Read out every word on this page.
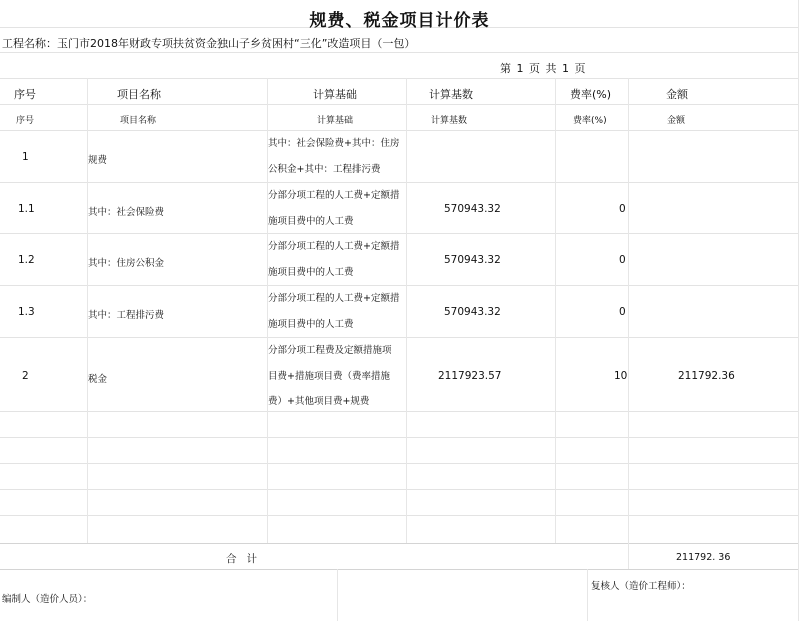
规费、税金项目计价表
工程名称：玉门市2018年财政专项扶贫资金独山子乡贫困村“三化”改造项目（一包）
第 1 页 共 1 页
序号	项目名称	计算基础	计算基数	费率(%)	金额
序号	项目名称	计算基础	计算基数	费率(%)	金额
1	规费
其中：社会保险费+其中：住房
公积金+其中：工程排污费
1.1	其中：社会保险费
分部分项工程的人工费+定额措
施项目费中的人工费
570943.32	0
1.2	其中：住房公积金
分部分项工程的人工费+定额措
施项目费中的人工费
570943.32	0
1.3	其中：工程排污费
分部分项工程的人工费+定额措
施项目费中的人工费
570943.32	0
2	税金
分部分项工程费及定额措施项
目费+措施项目费（费率措施
费）+其他项目费+规费
2117923.57	10	211792.36
合计	211792. 36
编制人（造价人员）：
复核人（造价工程师）：
